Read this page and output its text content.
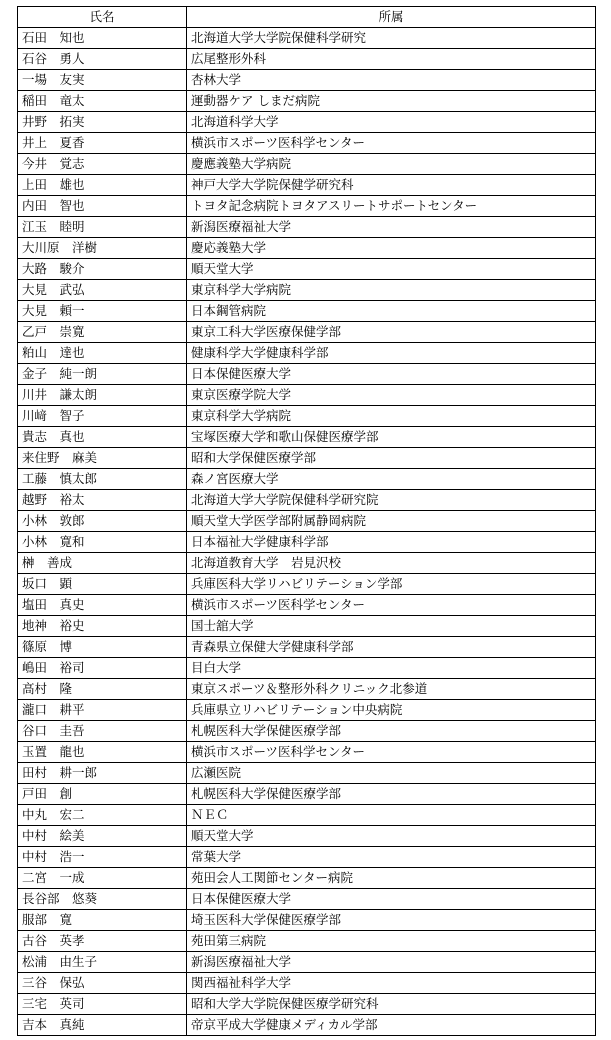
氏名	所属
石田　知也	北海道大学大学院保健科学研究
石谷　勇人	広尾整形外科
一場　友実	杏林大学
稲田　竜太	運動器ケア しまだ病院
井野　拓実	北海道科学大学
井上　夏香	横浜市スポーツ医科学センター
今井　覚志	慶應義塾大学病院
上田　雄也	神戸大学大学院保健学研究科
内田　智也	トヨタ記念病院トヨタアスリートサポートセンター
江玉　睦明	新潟医療福祉大学
大川原　洋樹	慶応義塾大学
大路　駿介	順天堂大学
大見　武弘	東京科学大学病院
大見　頼一	日本鋼管病院
乙戸　崇寛	東京工科大学医療保健学部
粕山　達也	健康科学大学健康科学部
金子　純一朗	日本保健医療大学
川井　謙太朗	東京医療学院大学
川﨑　智子	東京科学大学病院
貴志　真也	宝塚医療大学和歌山保健医療学部
来住野　麻美	昭和大学保健医療学部
工藤　慎太郎	森ノ宮医療大学
越野　裕太	北海道大学大学院保健科学研究院
小林　敦郎	順天堂大学医学部附属静岡病院
小林　寛和	日本福祉大学健康科学部
榊　善成	北海道教育大学　岩見沢校
坂口　顕	兵庫医科大学リハビリテーション学部
塩田　真史	横浜市スポーツ医科学センター
地神　裕史	国士舘大学
篠原　博	青森県立保健大学健康科学部
嶋田　裕司	目白大学
高村　隆	東京スポーツ＆整形外科クリニック北参道
瀧口　耕平	兵庫県立リハビリテーション中央病院
谷口　圭吾	札幌医科大学保健医療学部
玉置　龍也	横浜市スポーツ医科学センター
田村　耕一郎	広瀬医院
戸田　創	札幌医科大学保健医療学部
中丸　宏二	ＮＥＣ
中村　絵美	順天堂大学
中村　浩一	常葉大学
二宮　一成	苑田会人工関節センター病院
長谷部　悠葵	日本保健医療大学
服部　寛	埼玉医科大学保健医療学部
古谷　英孝	苑田第三病院
松浦　由生子	新潟医療福祉大学
三谷　保弘	関西福祉科学大学
三宅　英司	昭和大学大学院保健医療学研究科
吉本　真純	帝京平成大学健康メディカル学部
